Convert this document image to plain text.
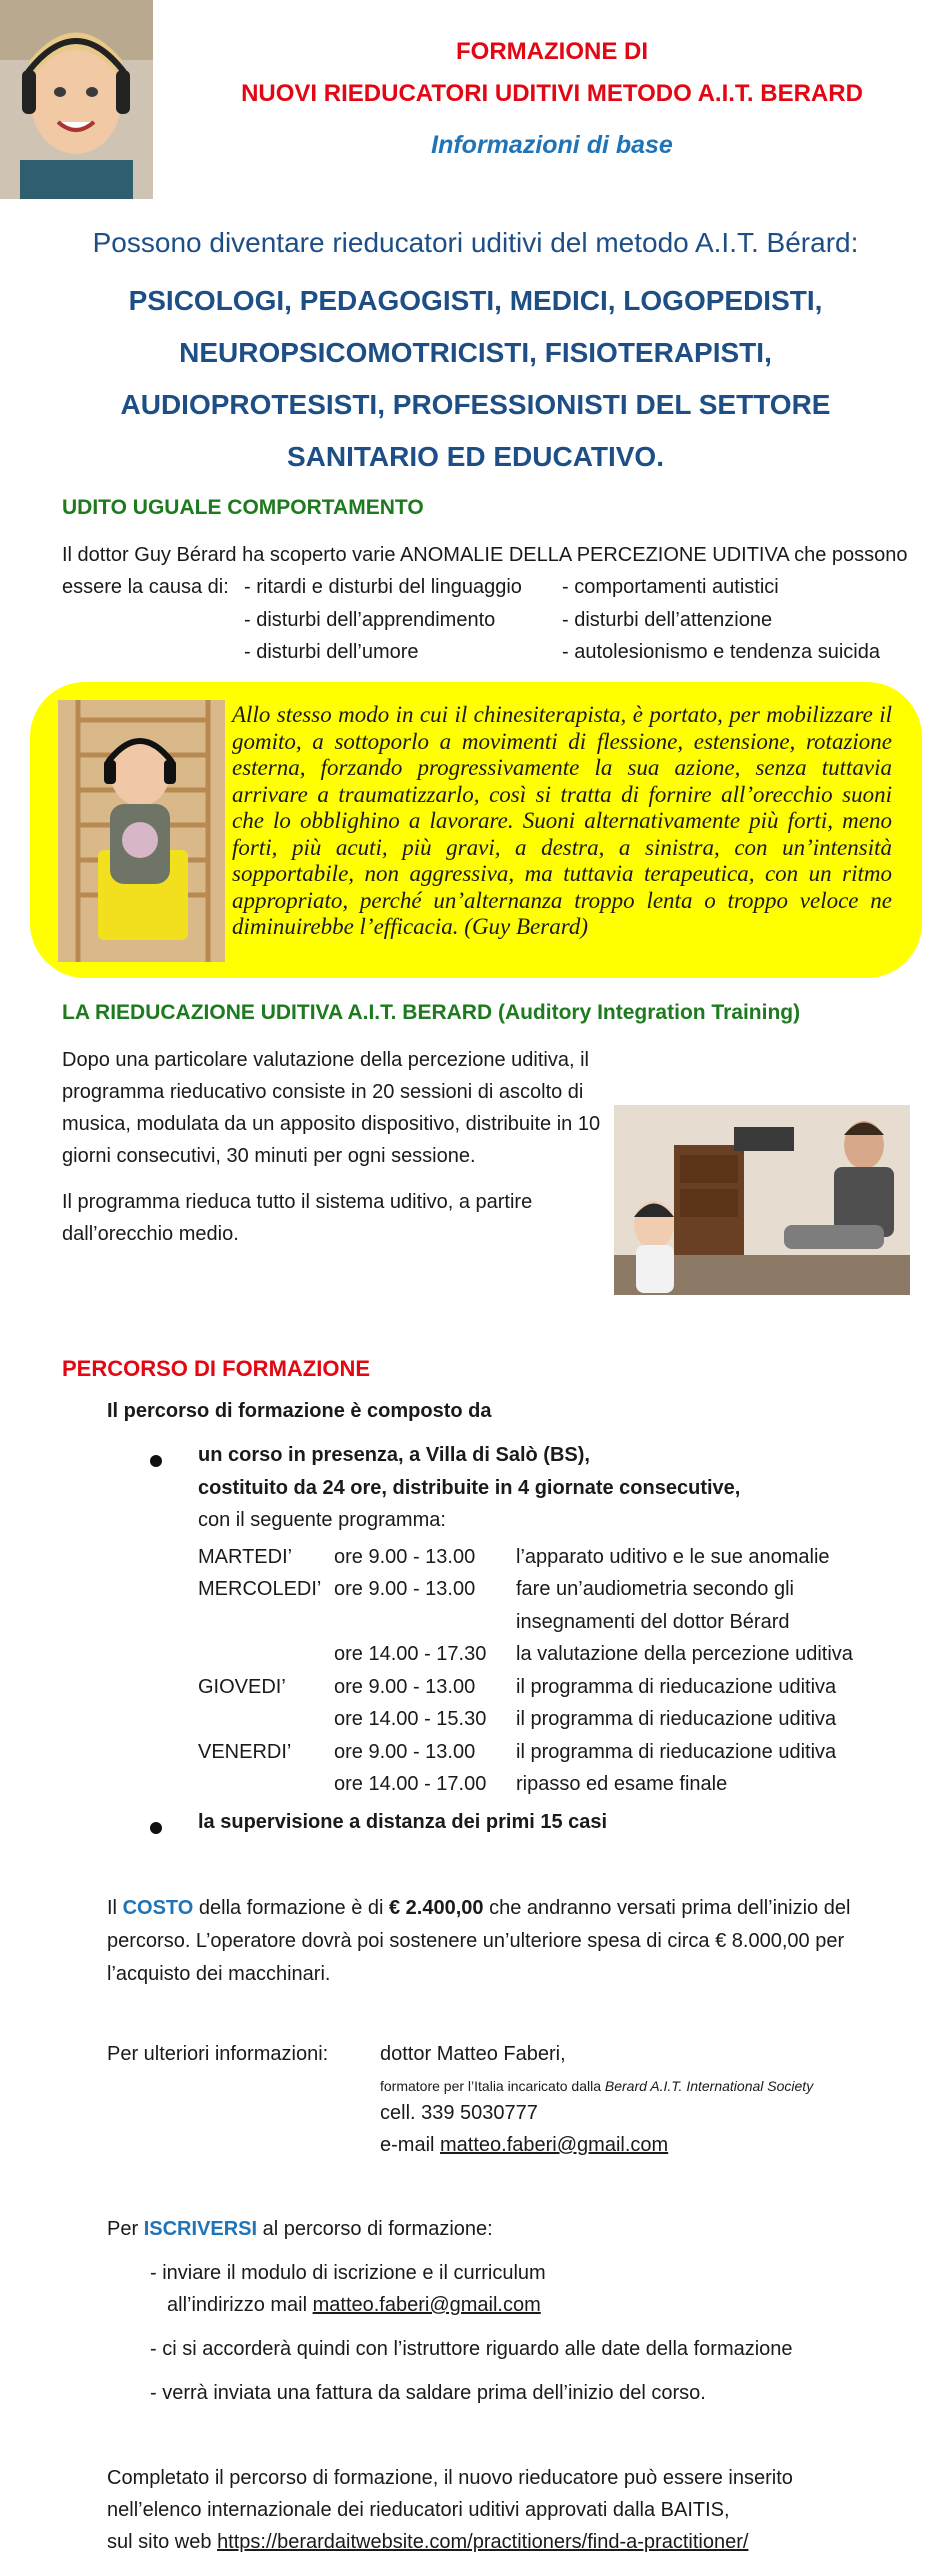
FORMAZIONE DI
NUOVI RIEDUCATORI UDITIVI METODO A.I.T. BERARD
Informazioni di base
Possono diventare rieducatori uditivi del metodo A.I.T. Bérard:
PSICOLOGI, PEDAGOGISTI, MEDICI, LOGOPEDISTI,
NEUROPSICOMOTRICISTI, FISIOTERAPISTI,
AUDIOPROTESISTI, PROFESSIONISTI DEL SETTORE
SANITARIO ED EDUCATIVO.
UDITO UGUALE COMPORTAMENTO
Il dottor Guy Bérard ha scoperto varie ANOMALIE DELLA PERCEZIONE UDITIVA che possono
essere la causa di: - ritardi e disturbi del linguaggio
- disturbi dell’apprendimento
- disturbi dell’umore
- comportamenti autistici
- disturbi dell’attenzione
- autolesionismo e tendenza suicida
Allo stesso modo in cui il chinesiterapista, è portato, per mobilizzare il gomito, a sottoporlo a movimenti di flessione, estensione, rotazione esterna, forzando progressivamente la sua azione, senza tuttavia arrivare a traumatizzarlo, così si tratta di fornire all’orecchio suoni che lo obblighino a lavorare. Suoni alternativamente più forti, meno forti, più acuti, più gravi, a destra, a sinistra, con un’intensità sopportabile, non aggressiva, ma tuttavia terapeutica, con un ritmo appropriato, perché un’alternanza troppo lenta o troppo veloce ne diminuirebbe l’efficacia. (Guy Berard)
LA RIEDUCAZIONE UDITIVA A.I.T. BERARD (Auditory Integration Training)
Dopo una particolare valutazione della percezione uditiva, il programma rieducativo consiste in 20 sessioni di ascolto di musica, modulata da un apposito dispositivo, distribuite in 10 giorni consecutivi, 30 minuti per ogni sessione.
Il programma rieduca tutto il sistema uditivo, a partire dall’orecchio medio.
PERCORSO DI FORMAZIONE
Il percorso di formazione è composto da
un corso in presenza, a Villa di Salò (BS),
costituito da 24 ore, distribuite in 4 giornate consecutive,
con il seguente programma:
MARTEDI’ ore 9.00 - 13.00 l’apparato uditivo e le sue anomalie
MERCOLEDI’ ore 9.00 - 13.00 fare un’audiometria secondo gli
insegnamenti del dottor Bérard
ore 14.00 - 17.30 la valutazione della percezione uditiva
GIOVEDI’ ore 9.00 - 13.00 il programma di rieducazione uditiva
ore 14.00 - 15.30 il programma di rieducazione uditiva
VENERDI’ ore 9.00 - 13.00 il programma di rieducazione uditiva
ore 14.00 - 17.00 ripasso ed esame finale
la supervisione a distanza dei primi 15 casi
Il COSTO della formazione è di € 2.400,00 che andranno versati prima dell’inizio del percorso. L’operatore dovrà poi sostenere un’ulteriore spesa di circa € 8.000,00 per l’acquisto dei macchinari.
Per ulteriori informazioni:	dottor Matteo Faberi,
formatore per l’Italia incaricato dalla Berard A.I.T. International Society
cell. 339 5030777
e-mail matteo.faberi@gmail.com
Per ISCRIVERSI al percorso di formazione:
- inviare il modulo di iscrizione e il curriculum
all’indirizzo mail matteo.faberi@gmail.com
- ci si accorderà quindi con l’istruttore riguardo alle date della formazione
- verrà inviata una fattura da saldare prima dell’inizio del corso.
Completato il percorso di formazione, il nuovo rieducatore può essere inserito
nell’elenco internazionale dei rieducatori uditivi approvati dalla BAITIS,
sul sito web https://berardaitwebsite.com/practitioners/find-a-practitioner/
